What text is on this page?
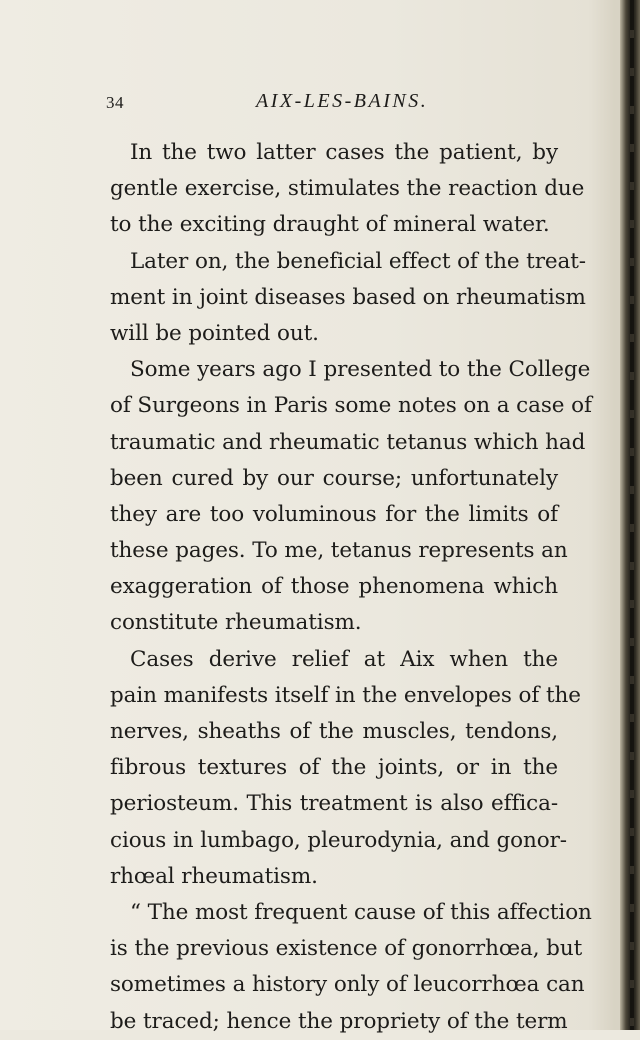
34	AIX-LES-BAINS.
In the two latter cases the patient, by
gentle exercise, stimulates the reaction due
to the exciting draught of mineral water.
Later on, the beneficial effect of the treat-
ment in joint diseases based on rheumatism
will be pointed out.
Some years ago I presented to the College
of Surgeons in Paris some notes on a case of
traumatic and rheumatic tetanus which had
been cured by our course; unfortunately
they are too voluminous for the limits of
these pages. To me, tetanus represents an
exaggeration of those phenomena which
constitute rheumatism.
Cases derive relief at Aix when the
pain manifests itself in the envelopes of the
nerves, sheaths of the muscles, tendons,
fibrous textures of the joints, or in the
periosteum. This treatment is also effica-
cious in lumbago, pleurodynia, and gonor-
rhœal rheumatism.
“ The most frequent cause of this affection
is the previous existence of gonorrhœa, but
sometimes a history only of leucorrhœa can
be traced; hence the propriety of the term
